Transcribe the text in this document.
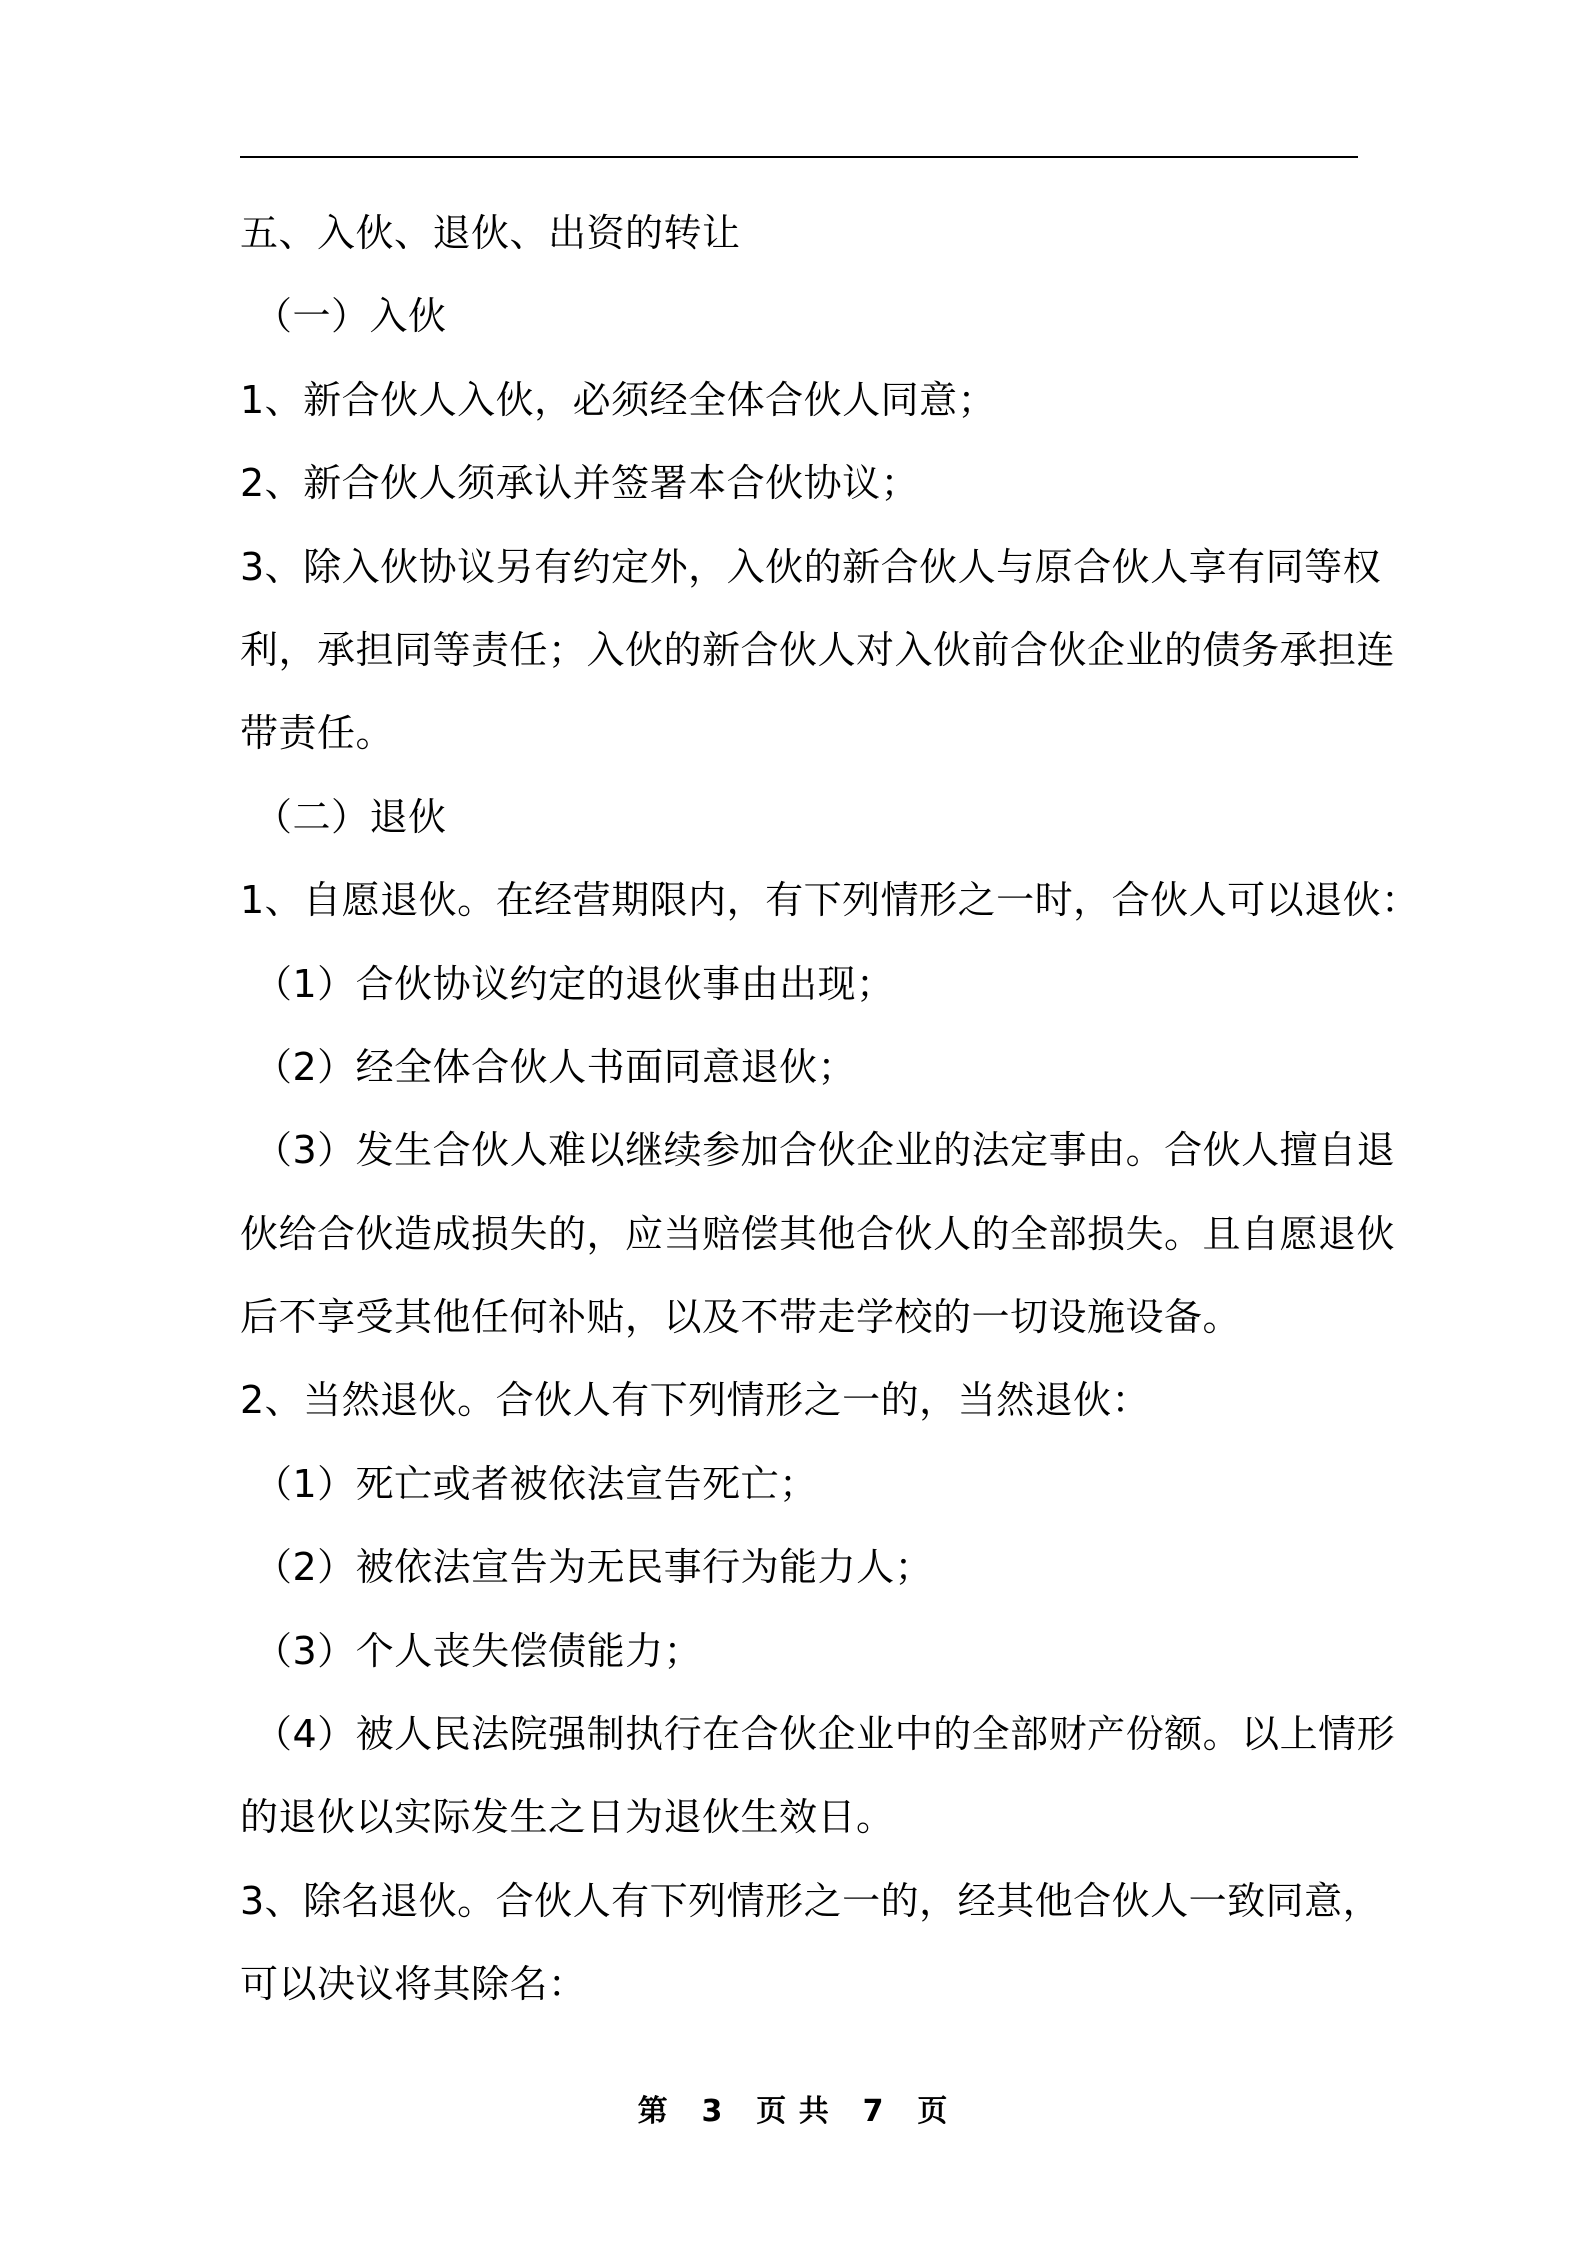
五、入伙、退伙、出资的转让
（一）入伙
1、新合伙人入伙，必须经全体合伙人同意；
2、新合伙人须承认并签署本合伙协议；
3、除入伙协议另有约定外，入伙的新合伙人与原合伙人享有同等权
利，承担同等责任；入伙的新合伙人对入伙前合伙企业的债务承担连
带责任。
（二）退伙
1、自愿退伙。在经营期限内，有下列情形之一时，合伙人可以退伙：
（1）合伙协议约定的退伙事由出现；
（2）经全体合伙人书面同意退伙；
（3）发生合伙人难以继续参加合伙企业的法定事由。合伙人擅自退
伙给合伙造成损失的，应当赔偿其他合伙人的全部损失。且自愿退伙
后不享受其他任何补贴，以及不带走学校的一切设施设备。
2、当然退伙。合伙人有下列情形之一的，当然退伙：
（1）死亡或者被依法宣告死亡；
（2）被依法宣告为无民事行为能力人；
（3）个人丧失偿债能力；
（4）被人民法院强制执行在合伙企业中的全部财产份额。以上情形
的退伙以实际发生之日为退伙生效日。
3、除名退伙。合伙人有下列情形之一的，经其他合伙人一致同意，
可以决议将其除名：
第 3 页 共 7 页
